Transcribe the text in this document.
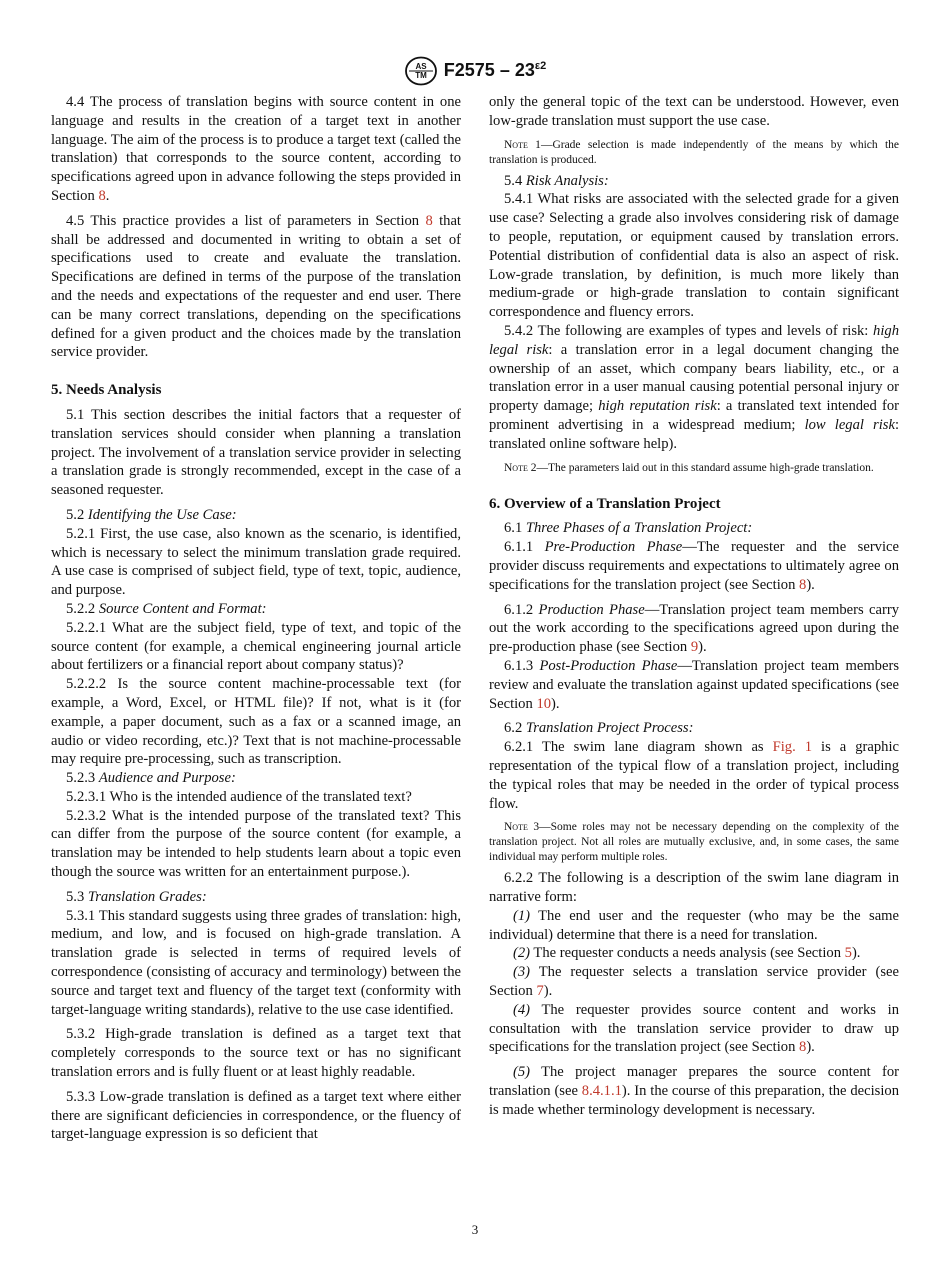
AS
TM $F2575 - 23^{\varepsilon 2}$

4.4 The process of translation begins with source content in one language and results in the creation of a target text in another language. The aim of the process is to produce a target text (called the translation) that corresponds to the source content, according to specifications agreed upon in advance following the steps provided in Section 8.

4.5 This practice provides a list of parameters in Section 8 that shall be addressed and documented in writing to obtain a set of specifications used to create and evaluate the translation. Specifications are defined in terms of the purpose of the translation and the needs and expectations of the requester and end user. There can be many correct translations, depending on the specifications defined for a given product and the choices made by the translation service provider.

5. Needs Analysis

5.1 This section describes the initial factors that a requester of translation services should consider when planning a translation project. The involvement of a translation service provider in selecting a translation grade is strongly recommended, except in the case of a seasoned requester.

5.2 Identifying the Use Case:

5.2.1 First, the use case, also known as the scenario, is identified, which is necessary to select the minimum translation grade required. A use case is comprised of subject field, type of text, topic, audience, and purpose.

5.2.2 Source Content and Format:

5.2.2.1 What are the subject field, type of text, and topic of the source content (for example, a chemical engineering journal article about fertilizers or a financial report about company status)?

5.2.2.2 Is the source content machine-processable text (for example, a Word, Excel, or HTML file)? If not, what is it (for example, a paper document, such as a fax or a scanned image, an audio or video recording, etc.)? Text that is not machine-processable may require pre-processing, such as transcription.

5.2.3 Audience and Purpose:

5.2.3.1 Who is the intended audience of the translated text?

5.2.3.2 What is the intended purpose of the translated text? This can differ from the purpose of the source content (for example, a translation may be intended to help students learn about a topic even though the source was written for an entertainment purpose.).

5.3 Translation Grades:

5.3.1 This standard suggests using three grades of translation: high, medium, and low, and is focused on high-grade translation. A translation grade is selected in terms of required levels of correspondence (consisting of accuracy and terminology) between the source and target text and fluency of the target text (conformity with target-language writing standards), relative to the use case identified.

5.3.2 High-grade translation is defined as a target text that completely corresponds to the source text or has no significant translation errors and is fully fluent or at least highly readable.

5.3.3 Low-grade translation is defined as a target text where either there are significant deficiencies in correspondence, or the fluency of target-language expression is so deficient that

only the general topic of the text can be understood. However, even low-grade translation must support the use case.

Note 1—Grade selection is made independently of the means by which the translation is produced.

5.4 Risk Analysis:

5.4.1 What risks are associated with the selected grade for a given use case? Selecting a grade also involves considering risk of damage to people, reputation, or equipment caused by translation errors. Potential distribution of confidential data is also an aspect of risk. Low-grade translation, by definition, is much more likely than medium-grade or high-grade translation to contain significant correspondence and fluency errors.

5.4.2 The following are examples of types and levels of risk: high legal risk: a translation error in a legal document changing the ownership of an asset, which company bears liability, etc., or a translation error in a user manual causing potential personal injury or property damage; high reputation risk: a translated text intended for prominent advertising in a widespread medium; low legal risk: translated online software help).

Note 2—The parameters laid out in this standard assume high-grade translation.

6. Overview of a Translation Project

6.1 Three Phases of a Translation Project:

6.1.1 Pre-Production Phase—The requester and the service provider discuss requirements and expectations to ultimately agree on specifications for the translation project (see Section 8).

6.1.2 Production Phase—Translation project team members carry out the work according to the specifications agreed upon during the pre-production phase (see Section 9).

6.1.3 Post-Production Phase—Translation project team members review and evaluate the translation against updated specifications (see Section 10).

6.2 Translation Project Process:

6.2.1 The swim lane diagram shown as Fig. 1 is a graphic representation of the typical flow of a translation project, including the typical roles that may be needed in the order of typical process flow.

Note 3—Some roles may not be necessary depending on the complexity of the translation project. Not all roles are mutually exclusive, and, in some cases, the same individual may perform multiple roles.

6.2.2 The following is a description of the swim lane diagram in narrative form:

(1) The end user and the requester (who may be the same individual) determine that there is a need for translation.

(2) The requester conducts a needs analysis (see Section 5).

(3) The requester selects a translation service provider (see Section 7).

(4) The requester provides source content and works in consultation with the translation service provider to draw up specifications for the translation project (see Section 8).

(5) The project manager prepares the source content for translation (see 8.4.1.1). In the course of this preparation, the decision is made whether terminology development is necessary.

3
